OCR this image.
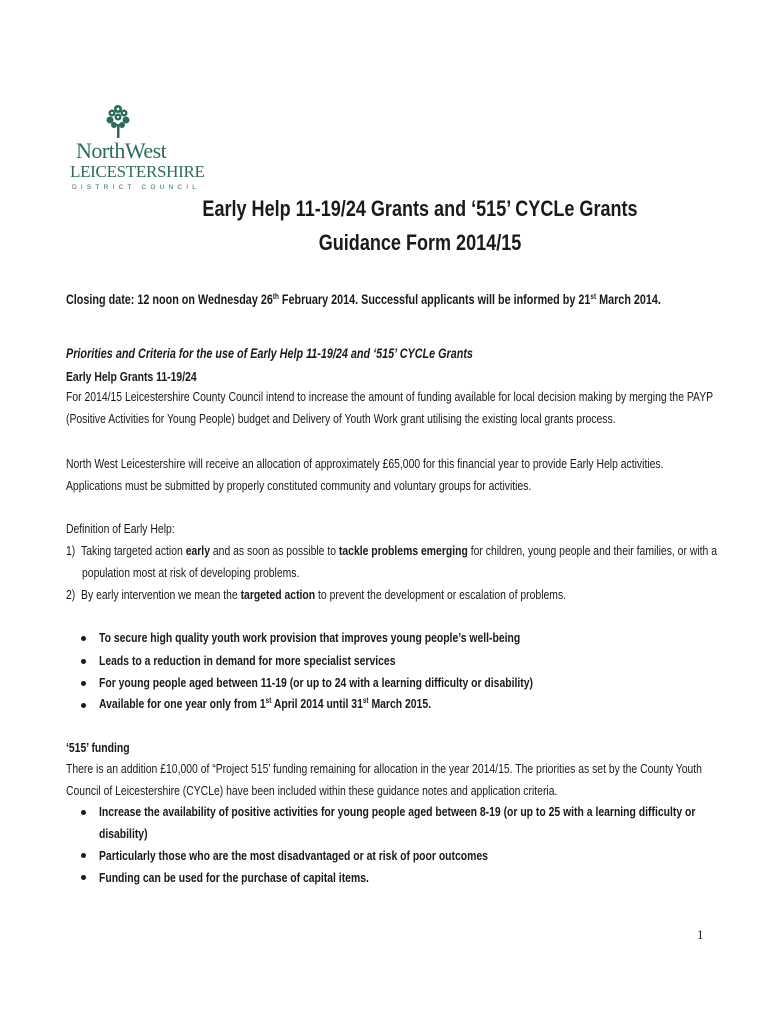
NorthWest
LEICESTERSHIRE
DISTRICT COUNCIL
Early Help 11-19/24 Grants and ‘515’ CYCLe Grants
Guidance Form 2014/15
Closing date: 12 noon on Wednesday 26th February 2014. Successful applicants will be informed by 21st March 2014.
Priorities and Criteria for the use of Early Help 11-19/24 and ‘515’ CYCLe Grants
Early Help Grants 11-19/24
For 2014/15 Leicestershire County Council intend to increase the amount of funding available for local decision making by merging the PAYP
(Positive Activities for Young People) budget and Delivery of Youth Work grant utilising the existing local grants process.
North West Leicestershire will receive an allocation of approximately £65,000 for this financial year to provide Early Help activities.
Applications must be submitted by properly constituted community and voluntary groups for activities.
Definition of Early Help:
1) Taking targeted action early and as soon as possible to tackle problems emerging for children, young people and their families, or with a
population most at risk of developing problems.
2) By early intervention we mean the targeted action to prevent the development or escalation of problems.
To secure high quality youth work provision that improves young people’s well-being
Leads to a reduction in demand for more specialist services
For young people aged between 11-19 (or up to 24 with a learning difficulty or disability)
Available for one year only from 1st April 2014 until 31st March 2015.
‘515’ funding
There is an addition £10,000 of “Project 515’ funding remaining for allocation in the year 2014/15. The priorities as set by the County Youth
Council of Leicestershire (CYCLe) have been included within these guidance notes and application criteria.
Increase the availability of positive activities for young people aged between 8-19 (or up to 25 with a learning difficulty or
disability)
Particularly those who are the most disadvantaged or at risk of poor outcomes
Funding can be used for the purchase of capital items.
1
